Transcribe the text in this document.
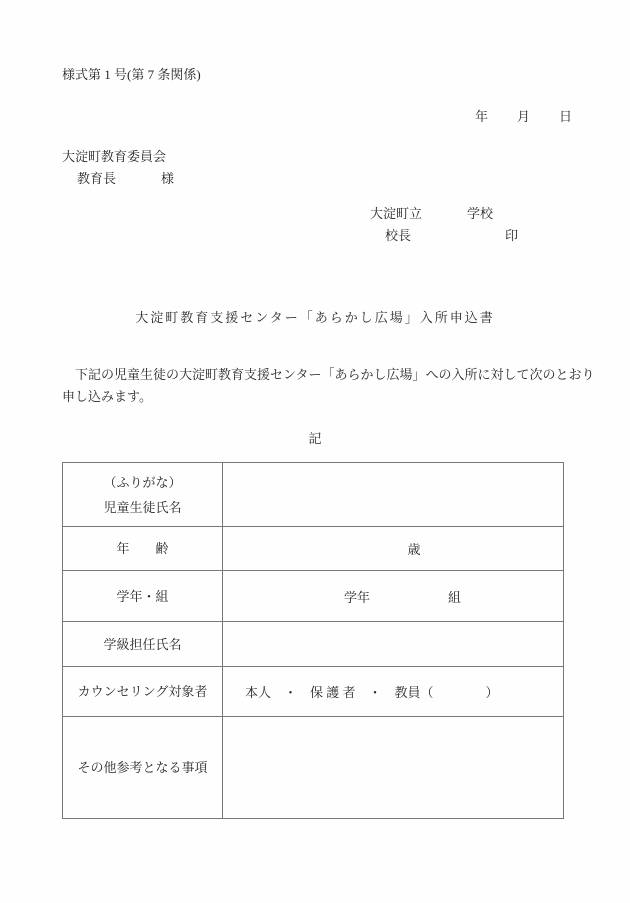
様式第 1 号(第 7 条関係)
年　　月　　日
大淀町教育委員会
教育長	様
大淀町立	学校
校長	印
大淀町教育支援センター「あらかし広場」入所申込書
　下記の児童生徒の大淀町教育支援センター「あらかし広場」への入所に対して次のとおり
申し込みます。
記
（ふりがな）
児童生徒氏名
年　　齢	歳
学年・組	学年　　　　　　組
学級担任氏名
カウンセリング対象者	本人　・　保 護 者　・　教員（　　　　）
その他参考となる事項
